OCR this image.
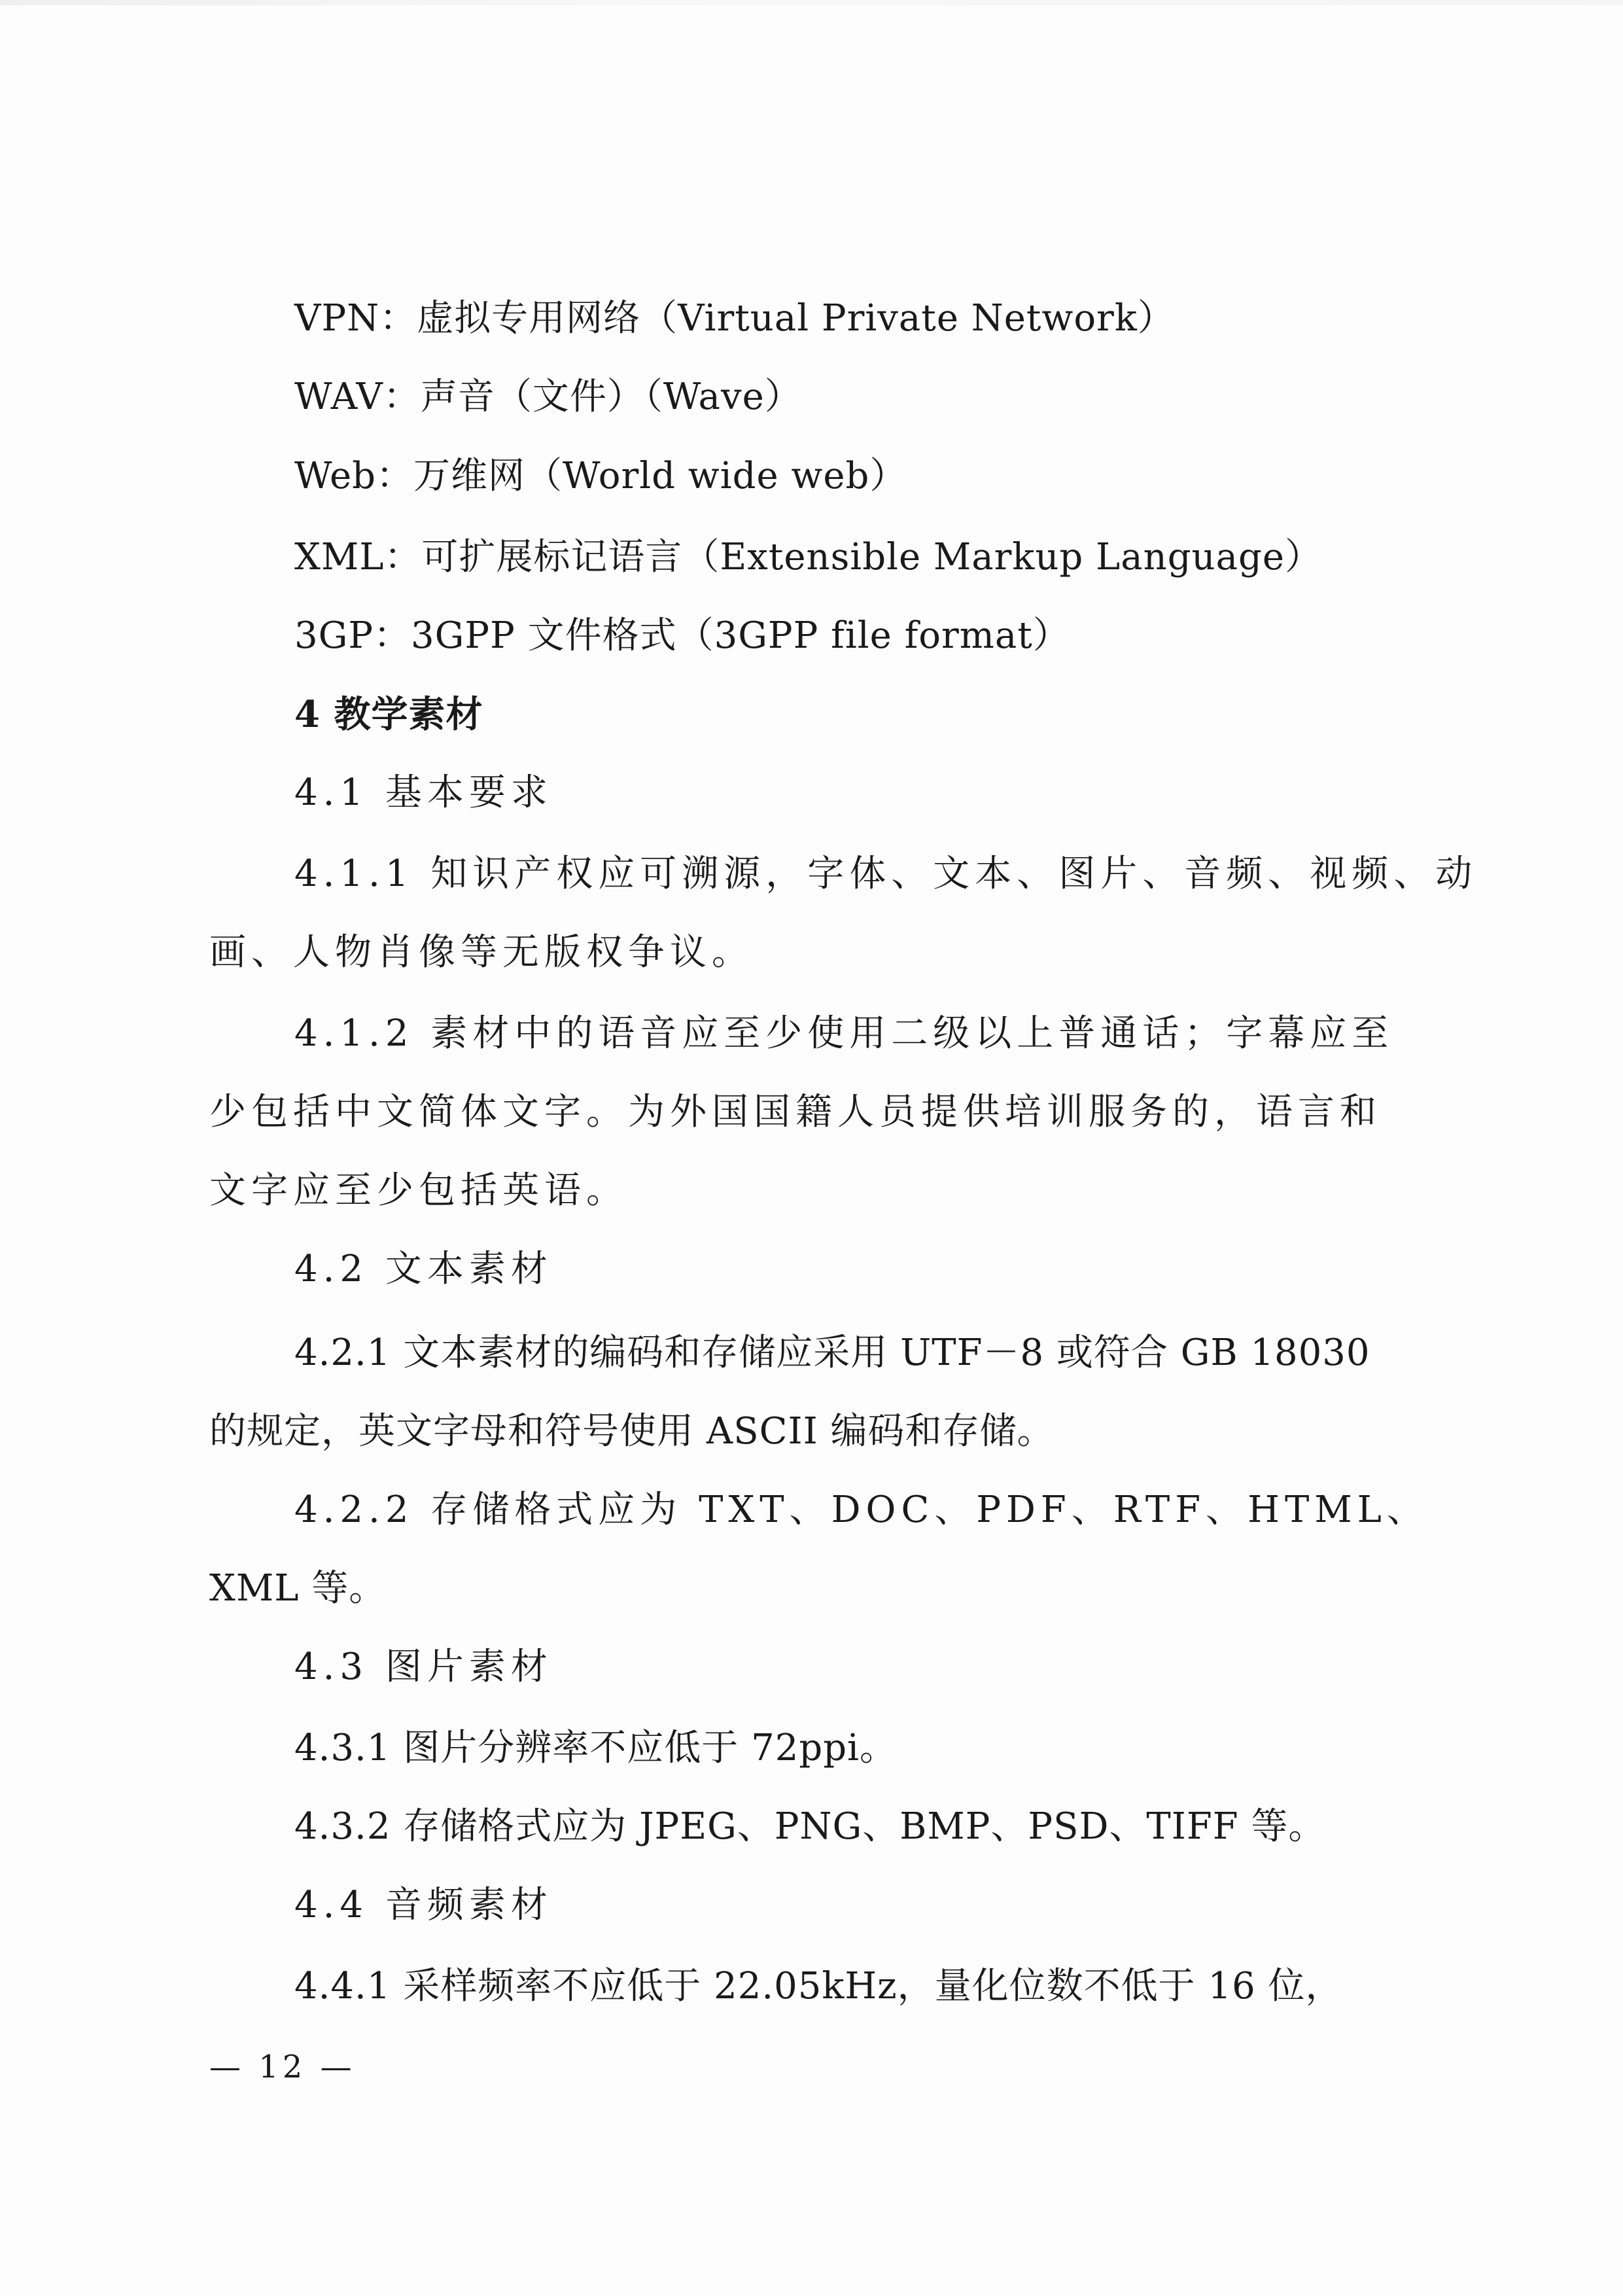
VPN：虚拟专用网络（Virtual Private Network）
WAV：声音（文件）（Wave）
Web：万维网（World wide web）
XML：可扩展标记语言（Extensible Markup Language）
3GP：3GPP 文件格式（3GPP file format）
4 教学素材
4.1 基本要求
4.1.1 知识产权应可溯源，字体、文本、图片、音频、视频、动
画、人物肖像等无版权争议。
4.1.2 素材中的语音应至少使用二级以上普通话；字幕应至
少包括中文简体文字。为外国国籍人员提供培训服务的，语言和
文字应至少包括英语。
4.2 文本素材
4.2.1 文本素材的编码和存储应采用 UTF－8 或符合 GB 18030
的规定，英文字母和符号使用 ASCII 编码和存储。
4.2.2 存储格式应为 TXT、DOC、PDF、RTF、HTML、
XML 等。
4.3 图片素材
4.3.1 图片分辨率不应低于 72ppi。
4.3.2 存储格式应为 JPEG、PNG、BMP、PSD、TIFF 等。
4.4 音频素材
4.4.1 采样频率不应低于 22.05kHz，量化位数不低于 16 位，
— 12 —
